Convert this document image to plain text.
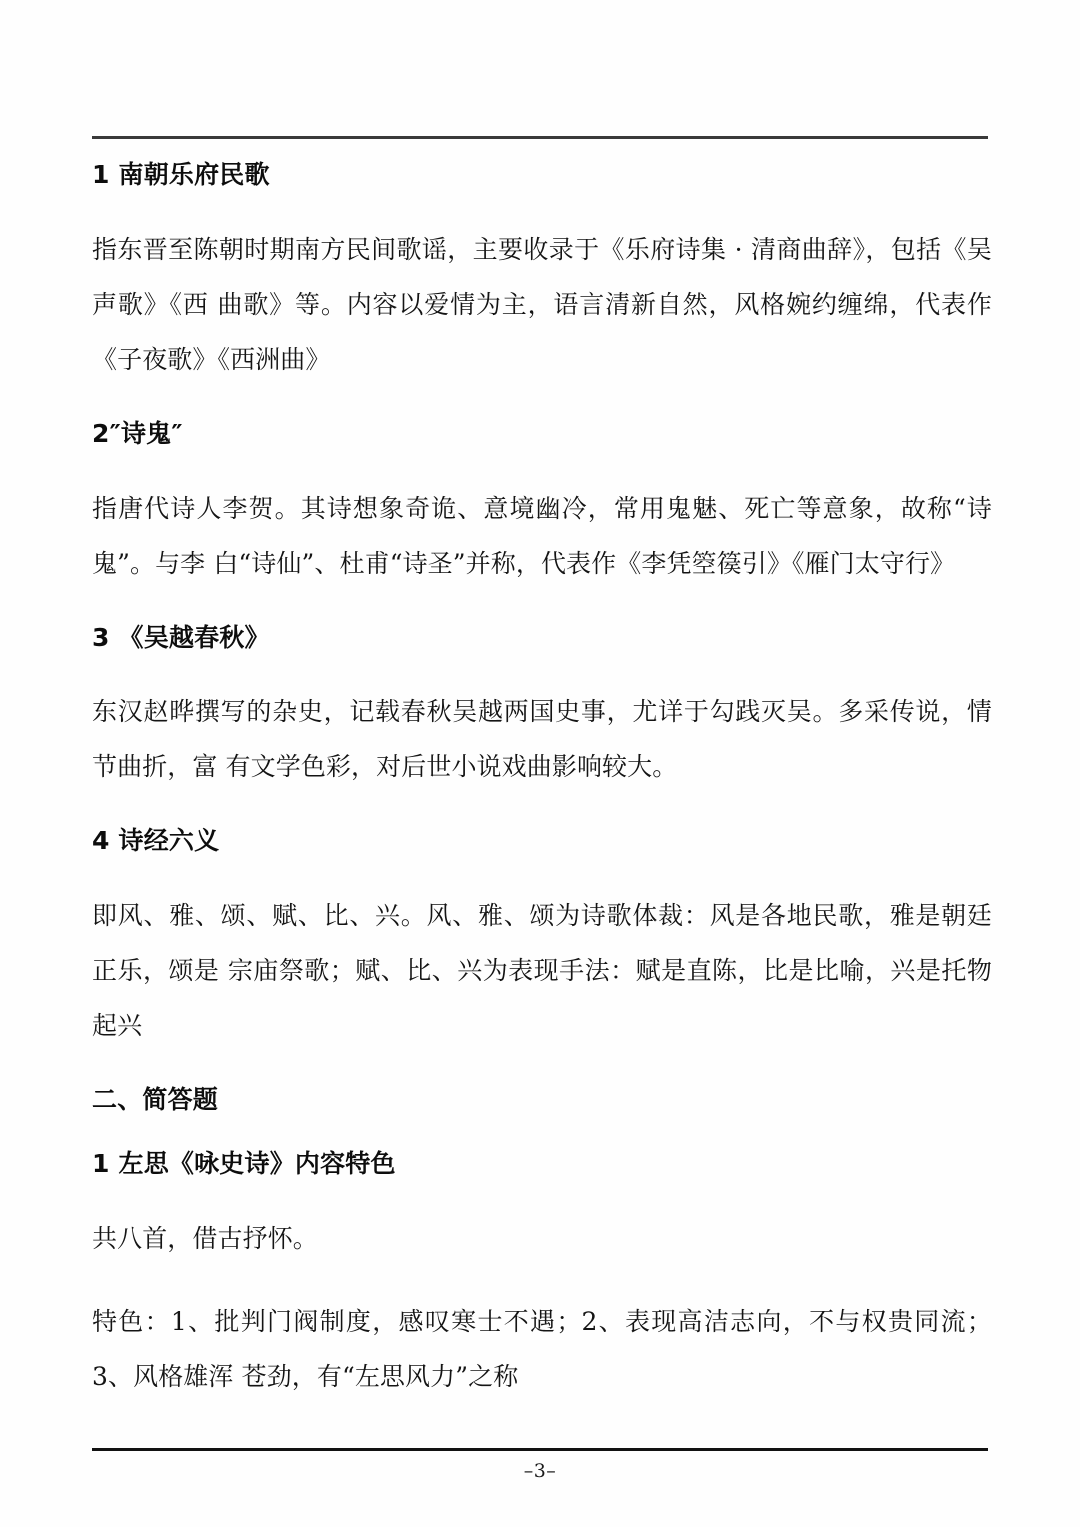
1 南朝乐府民歌
指东晋至陈朝时期南方民间歌谣，主要收录于《乐府诗集 · 清商曲辞》，包括《吴声歌》《西 曲歌》等。内容以爱情为主，语言清新自然，风格婉约缠绵，代表作《子夜歌》《西洲曲》
2″诗鬼″
指唐代诗人李贺。其诗想象奇诡、意境幽冷，常用鬼魅、死亡等意象，故称“诗鬼”。与李 白“诗仙”、杜甫“诗圣”并称，代表作《李凭箜篌引》《雁门太守行》
3 《吴越春秋》
东汉赵晔撰写的杂史，记载春秋吴越两国史事，尤详于勾践灭吴。多采传说，情节曲折，富 有文学色彩，对后世小说戏曲影响较大。
4 诗经六义
即风、雅、颂、赋、比、兴。风、雅、颂为诗歌体裁：风是各地民歌，雅是朝廷正乐，颂是 宗庙祭歌；赋、比、兴为表现手法：赋是直陈，比是比喻，兴是托物起兴
二、简答题
1 左思《咏史诗》内容特色
共八首，借古抒怀。
特色：1、批判门阀制度，感叹寒士不遇；2、表现高洁志向，不与权贵同流；3、风格雄浑 苍劲，有“左思风力”之称
–3–
